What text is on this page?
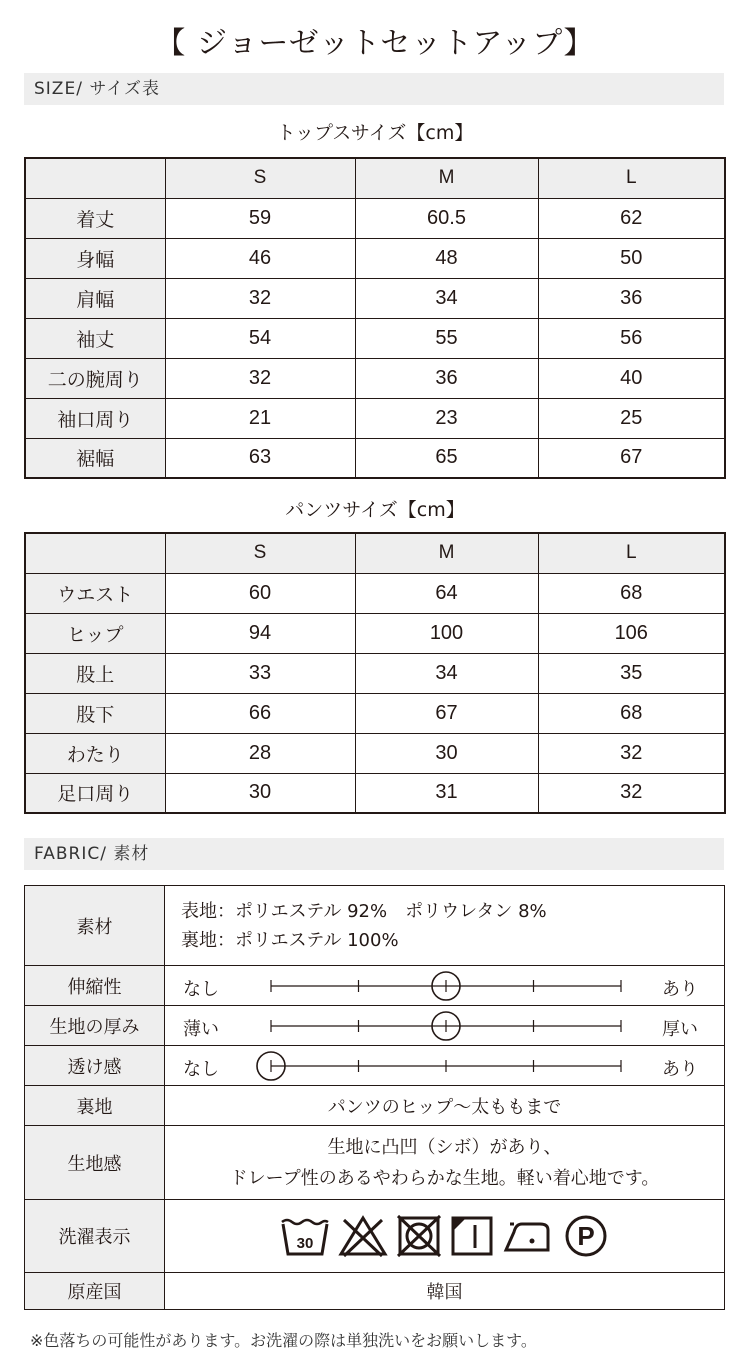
【 ジョーゼットセットアップ】
SIZE/ サイズ表
トップスサイズ【cm】
	S	M	L
着丈	59	60.5	62
身幅	46	48	50
肩幅	32	34	36
袖丈	54	55	56
二の腕周り	32	36	40
袖口周り	21	23	25
裾幅	63	65	67
パンツサイズ【cm】
	S	M	L
ウエスト	60	64	68
ヒップ	94	100	106
股上	33	34	35
股下	66	67	68
わたり	28	30	32
足口周り	30	31	32
FABRIC/ 素材
素材	表地：ポリエステル 92%　ポリウレタン 8%
裏地：ポリエステル 100%

伸縮性	なし あり

生地の厚み	薄い 厚い

透け感	なし あり

裏地	パンツのヒップ〜太ももまで
生地感	生地に凸凹（シボ）があり、
ドレープ性のあるやわらかな生地。軽い着心地です。

洗濯表示	30 P

原産国	韓国
※色落ちの可能性があります。お洗濯の際は単独洗いをお願いします。
